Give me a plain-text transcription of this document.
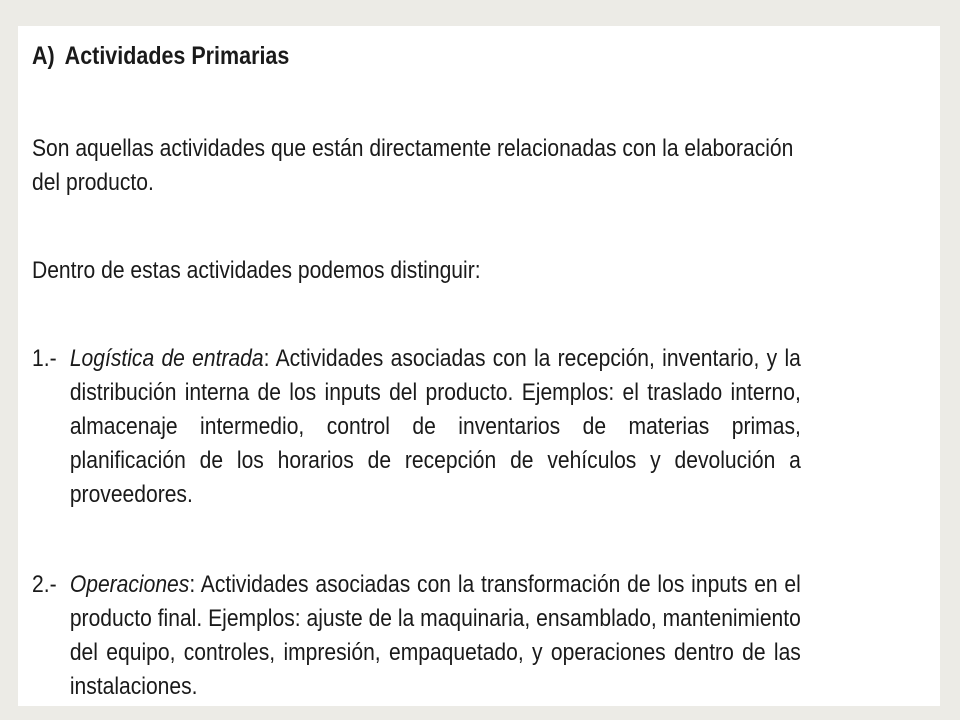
A) Actividades Primarias

Son aquellas actividades que están directamente relacionadas con la elaboración del producto.

Dentro de estas actividades podemos distinguir:

1.- Logística de entrada: Actividades asociadas con la recepción, inventario, y la distribución interna de los inputs del producto. Ejemplos: el traslado interno, almacenaje intermedio, control de inventarios de materias primas, planificación de los horarios de recepción de vehículos y devolución a proveedores.
2.- Operaciones: Actividades asociadas con la transformación de los inputs en el producto final. Ejemplos: ajuste de la maquinaria, ensamblado, mantenimiento del equipo, controles, impresión, empaquetado, y operaciones dentro de las instalaciones.
